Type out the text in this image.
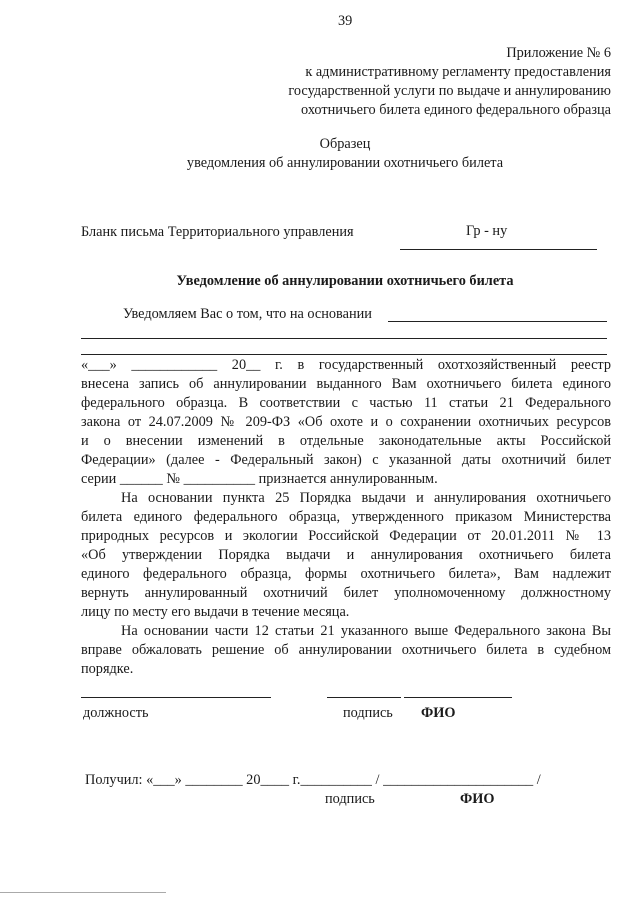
39
Приложение № 6
к административному регламенту предоставления
государственной услуги по выдаче и аннулированию
охотничьего билета единого федерального образца
Образец
уведомления об аннулировании охотничьего билета
Бланк письма Территориального управления	Гр - ну
Уведомление об аннулировании охотничьего билета
Уведомляем Вас о том, что на основании
«___» ____________ 20__ г. в государственный охотхозяйственный реестр
внесена запись об аннулировании выданного Вам охотничьего билета единого
федерального образца. В соответствии с частью 11 статьи 21 Федерального
закона от 24.07.2009 № 209-ФЗ «Об охоте и о сохранении охотничьих ресурсов
и о внесении изменений в отдельные законодательные акты Российской
Федерации» (далее - Федеральный закон) с указанной даты охотничий билет
серии ______ № __________ признается аннулированным.
На основании пункта 25 Порядка выдачи и аннулирования охотничьего
билета единого федерального образца, утвержденного приказом Министерства
природных ресурсов и экологии Российской Федерации от 20.01.2011 № 13
«Об утверждении Порядка выдачи и аннулирования охотничьего билета
единого федерального образца, формы охотничьего билета», Вам надлежит
вернуть аннулированный охотничий билет уполномоченному должностному
лицу по месту его выдачи в течение месяца.
На основании части 12 статьи 21 указанного выше Федерального закона Вы
вправе обжаловать решение об аннулировании охотничьего билета в судебном
порядке.
должность	подпись ФИО
Получил: «___» ________ 20____ г.__________ / _____________________ /
подпись	ФИО
